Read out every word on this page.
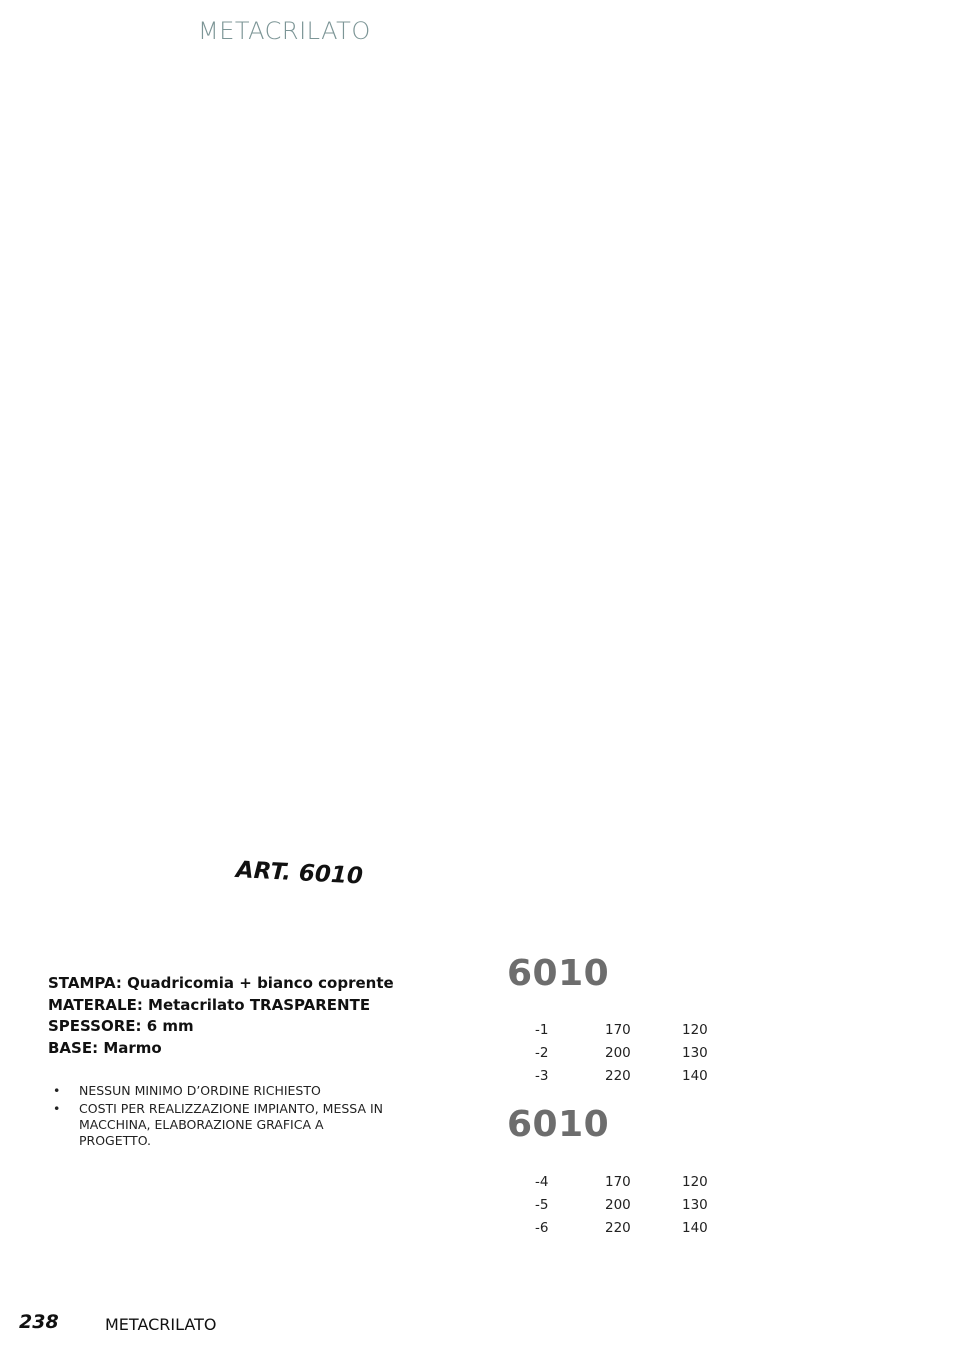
METACRILATO
ART. 6010
STAMPA: Quadricomia + bianco coprente
MATERALE: Metacrilato TRASPARENTE
SPESSORE: 6 mm
BASE: Marmo
• NESSUN MINIMO D’ORDINE RICHIESTO
• COSTI PER REALIZZAZIONE IMPIANTO, MESSA IN MACCHINA, ELABORAZIONE GRAFICA A PROGETTO.
6010
-1	170	120
-2	200	130
-3	220	140
6010
-4	170	120
-5	200	130
-6	220	140
238	METACRILATO
